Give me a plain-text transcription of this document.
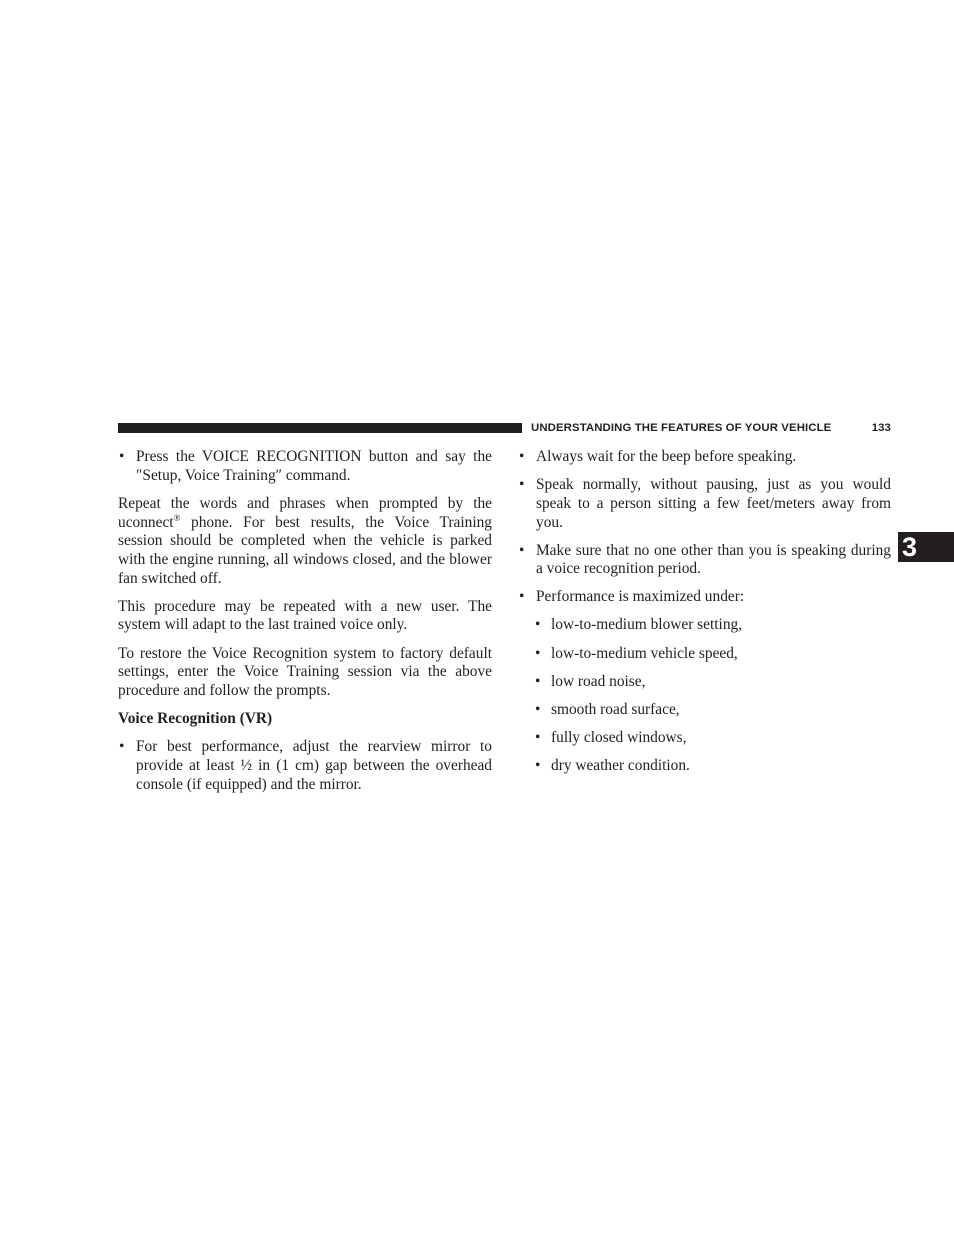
UNDERSTANDING THE FEATURES OF YOUR VEHICLE	133
3
• Press the VOICE RECOGNITION button and say the ″Setup, Voice Training″ command.

Repeat the words and phrases when prompted by the uconnect® phone. For best results, the Voice Training session should be completed when the vehicle is parked with the engine running, all windows closed, and the blower fan switched off.

This procedure may be repeated with a new user. The system will adapt to the last trained voice only.

To restore the Voice Recognition system to factory default settings, enter the Voice Training session via the above procedure and follow the prompts.

Voice Recognition (VR)
• For best performance, adjust the rearview mirror to provide at least ½ in (1 cm) gap between the overhead console (if equipped) and the mirror.
• Always wait for the beep before speaking.
• Speak normally, without pausing, just as you would speak to a person sitting a few feet/meters away from you.
• Make sure that no one other than you is speaking during a voice recognition period.
• Performance is maximized under:
• low-to-medium blower setting,
• low-to-medium vehicle speed,
• low road noise,
• smooth road surface,
• fully closed windows,
• dry weather condition.
